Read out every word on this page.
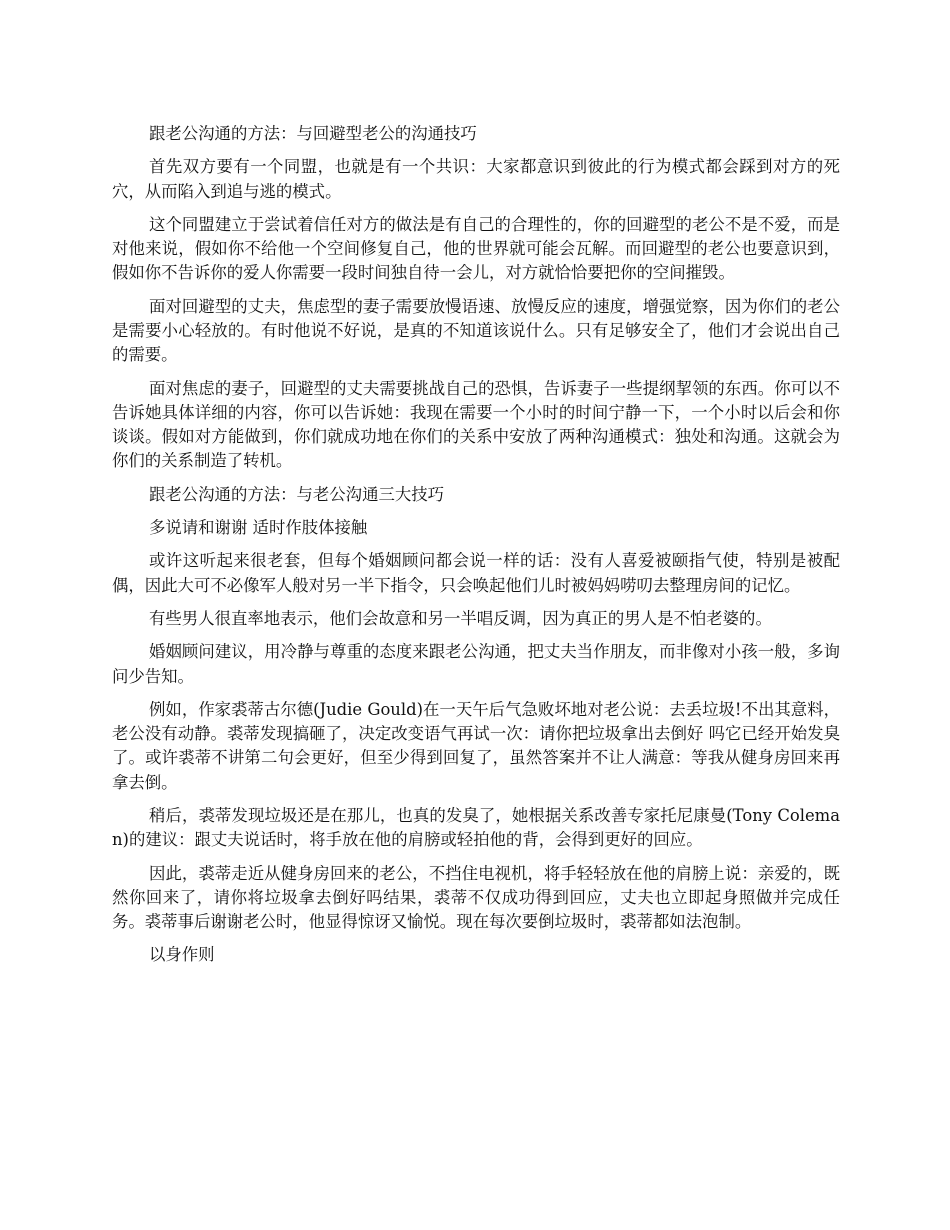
跟老公沟通的方法：与回避型老公的沟通技巧

首先双方要有一个同盟，也就是有一个共识：大家都意识到彼此的行为模式都会踩到对方的死穴，从而陷入到追与逃的模式。

这个同盟建立于尝试着信任对方的做法是有自己的合理性的，你的回避型的老公不是不爱，而是对他来说，假如你不给他一个空间修复自己，他的世界就可能会瓦解。而回避型的老公也要意识到，假如你不告诉你的爱人你需要一段时间独自待一会儿，对方就恰恰要把你的空间摧毁。

面对回避型的丈夫，焦虑型的妻子需要放慢语速、放慢反应的速度，增强觉察，因为你们的老公是需要小心轻放的。有时他说不好说，是真的不知道该说什么。只有足够安全了，他们才会说出自己的需要。

面对焦虑的妻子，回避型的丈夫需要挑战自己的恐惧，告诉妻子一些提纲挈领的东西。你可以不告诉她具体详细的内容，你可以告诉她：我现在需要一个小时的时间宁静一下，一个小时以后会和你谈谈。假如对方能做到，你们就成功地在你们的关系中安放了两种沟通模式：独处和沟通。这就会为你们的关系制造了转机。

跟老公沟通的方法：与老公沟通三大技巧

多说请和谢谢 适时作肢体接触

或许这听起来很老套，但每个婚姻顾问都会说一样的话：没有人喜爱被颐指气使，特别是被配偶，因此大可不必像军人般对另一半下指令，只会唤起他们儿时被妈妈唠叨去整理房间的记忆。

有些男人很直率地表示，他们会故意和另一半唱反调，因为真正的男人是不怕老婆的。

婚姻顾问建议，用冷静与尊重的态度来跟老公沟通，把丈夫当作朋友，而非像对小孩一般，多询问少告知。

例如，作家裘蒂古尔德(Judie Gould)在一天午后气急败坏地对老公说：去丢垃圾!不出其意料，老公没有动静。裘蒂发现搞砸了，决定改变语气再试一次：请你把垃圾拿出去倒好 吗它已经开始发臭了。或许裘蒂不讲第二句会更好，但至少得到回复了，虽然答案并不让人满意：等我从健身房回来再拿去倒。

稍后，裘蒂发现垃圾还是在那儿，也真的发臭了，她根据关系改善专家托尼康曼(Tony Coleman)的建议：跟丈夫说话时，将手放在他的肩膀或轻拍他的背，会得到更好的回应。

因此，裘蒂走近从健身房回来的老公，不挡住电视机，将手轻轻放在他的肩膀上说：亲爱的，既然你回来了，请你将垃圾拿去倒好吗结果，裘蒂不仅成功得到回应，丈夫也立即起身照做并完成任务。裘蒂事后谢谢老公时，他显得惊讶又愉悦。现在每次要倒垃圾时，裘蒂都如法泡制。

以身作则
